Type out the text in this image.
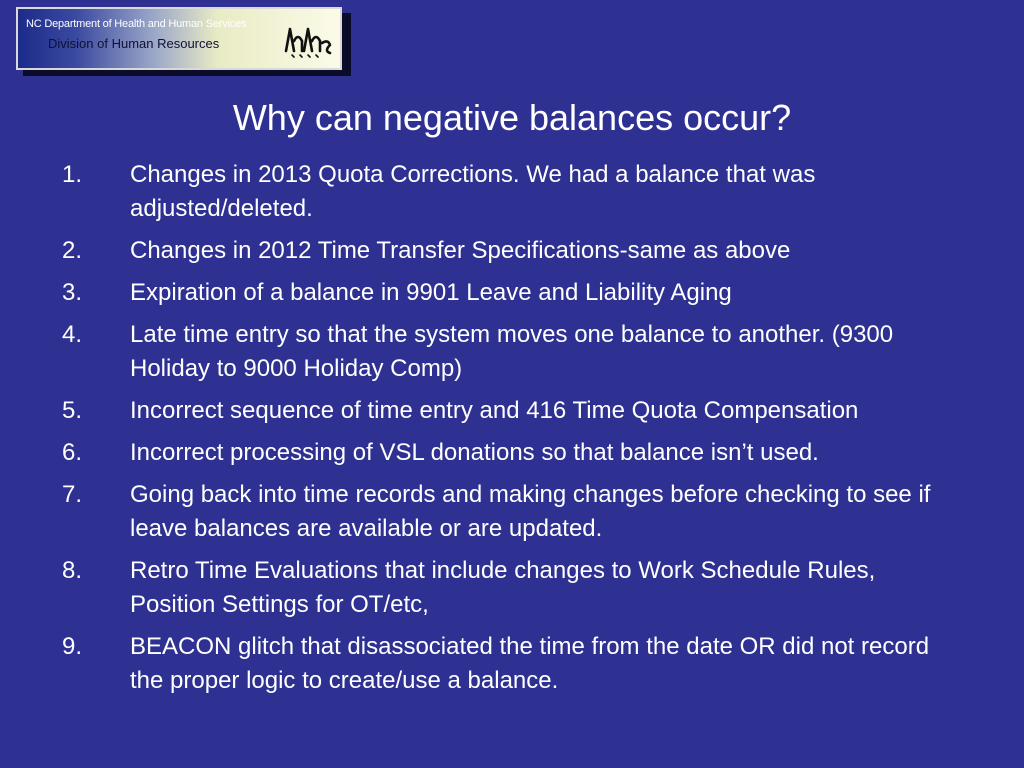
NC Department of Health and Human Services
Division of Human Resources
Why can negative balances occur?
1.	Changes in 2013 Quota Corrections. We had a balance that was adjusted/deleted.
2.	Changes in 2012 Time Transfer Specifications-same as above
3.	Expiration of a balance in 9901 Leave and Liability Aging
4.	Late time entry so that the system moves one balance to another. (9300 Holiday to 9000 Holiday Comp)
5.	Incorrect sequence of time entry and 416 Time Quota Compensation
6.	Incorrect processing of VSL donations so that balance isn’t used.
7.	Going back into time records and making changes before checking to see if leave balances are available or are updated.
8.	Retro Time Evaluations that include changes to Work Schedule Rules, Position Settings for OT/etc,
9.	BEACON glitch that disassociated the time from the date OR did not record the proper logic to create/use a balance.
